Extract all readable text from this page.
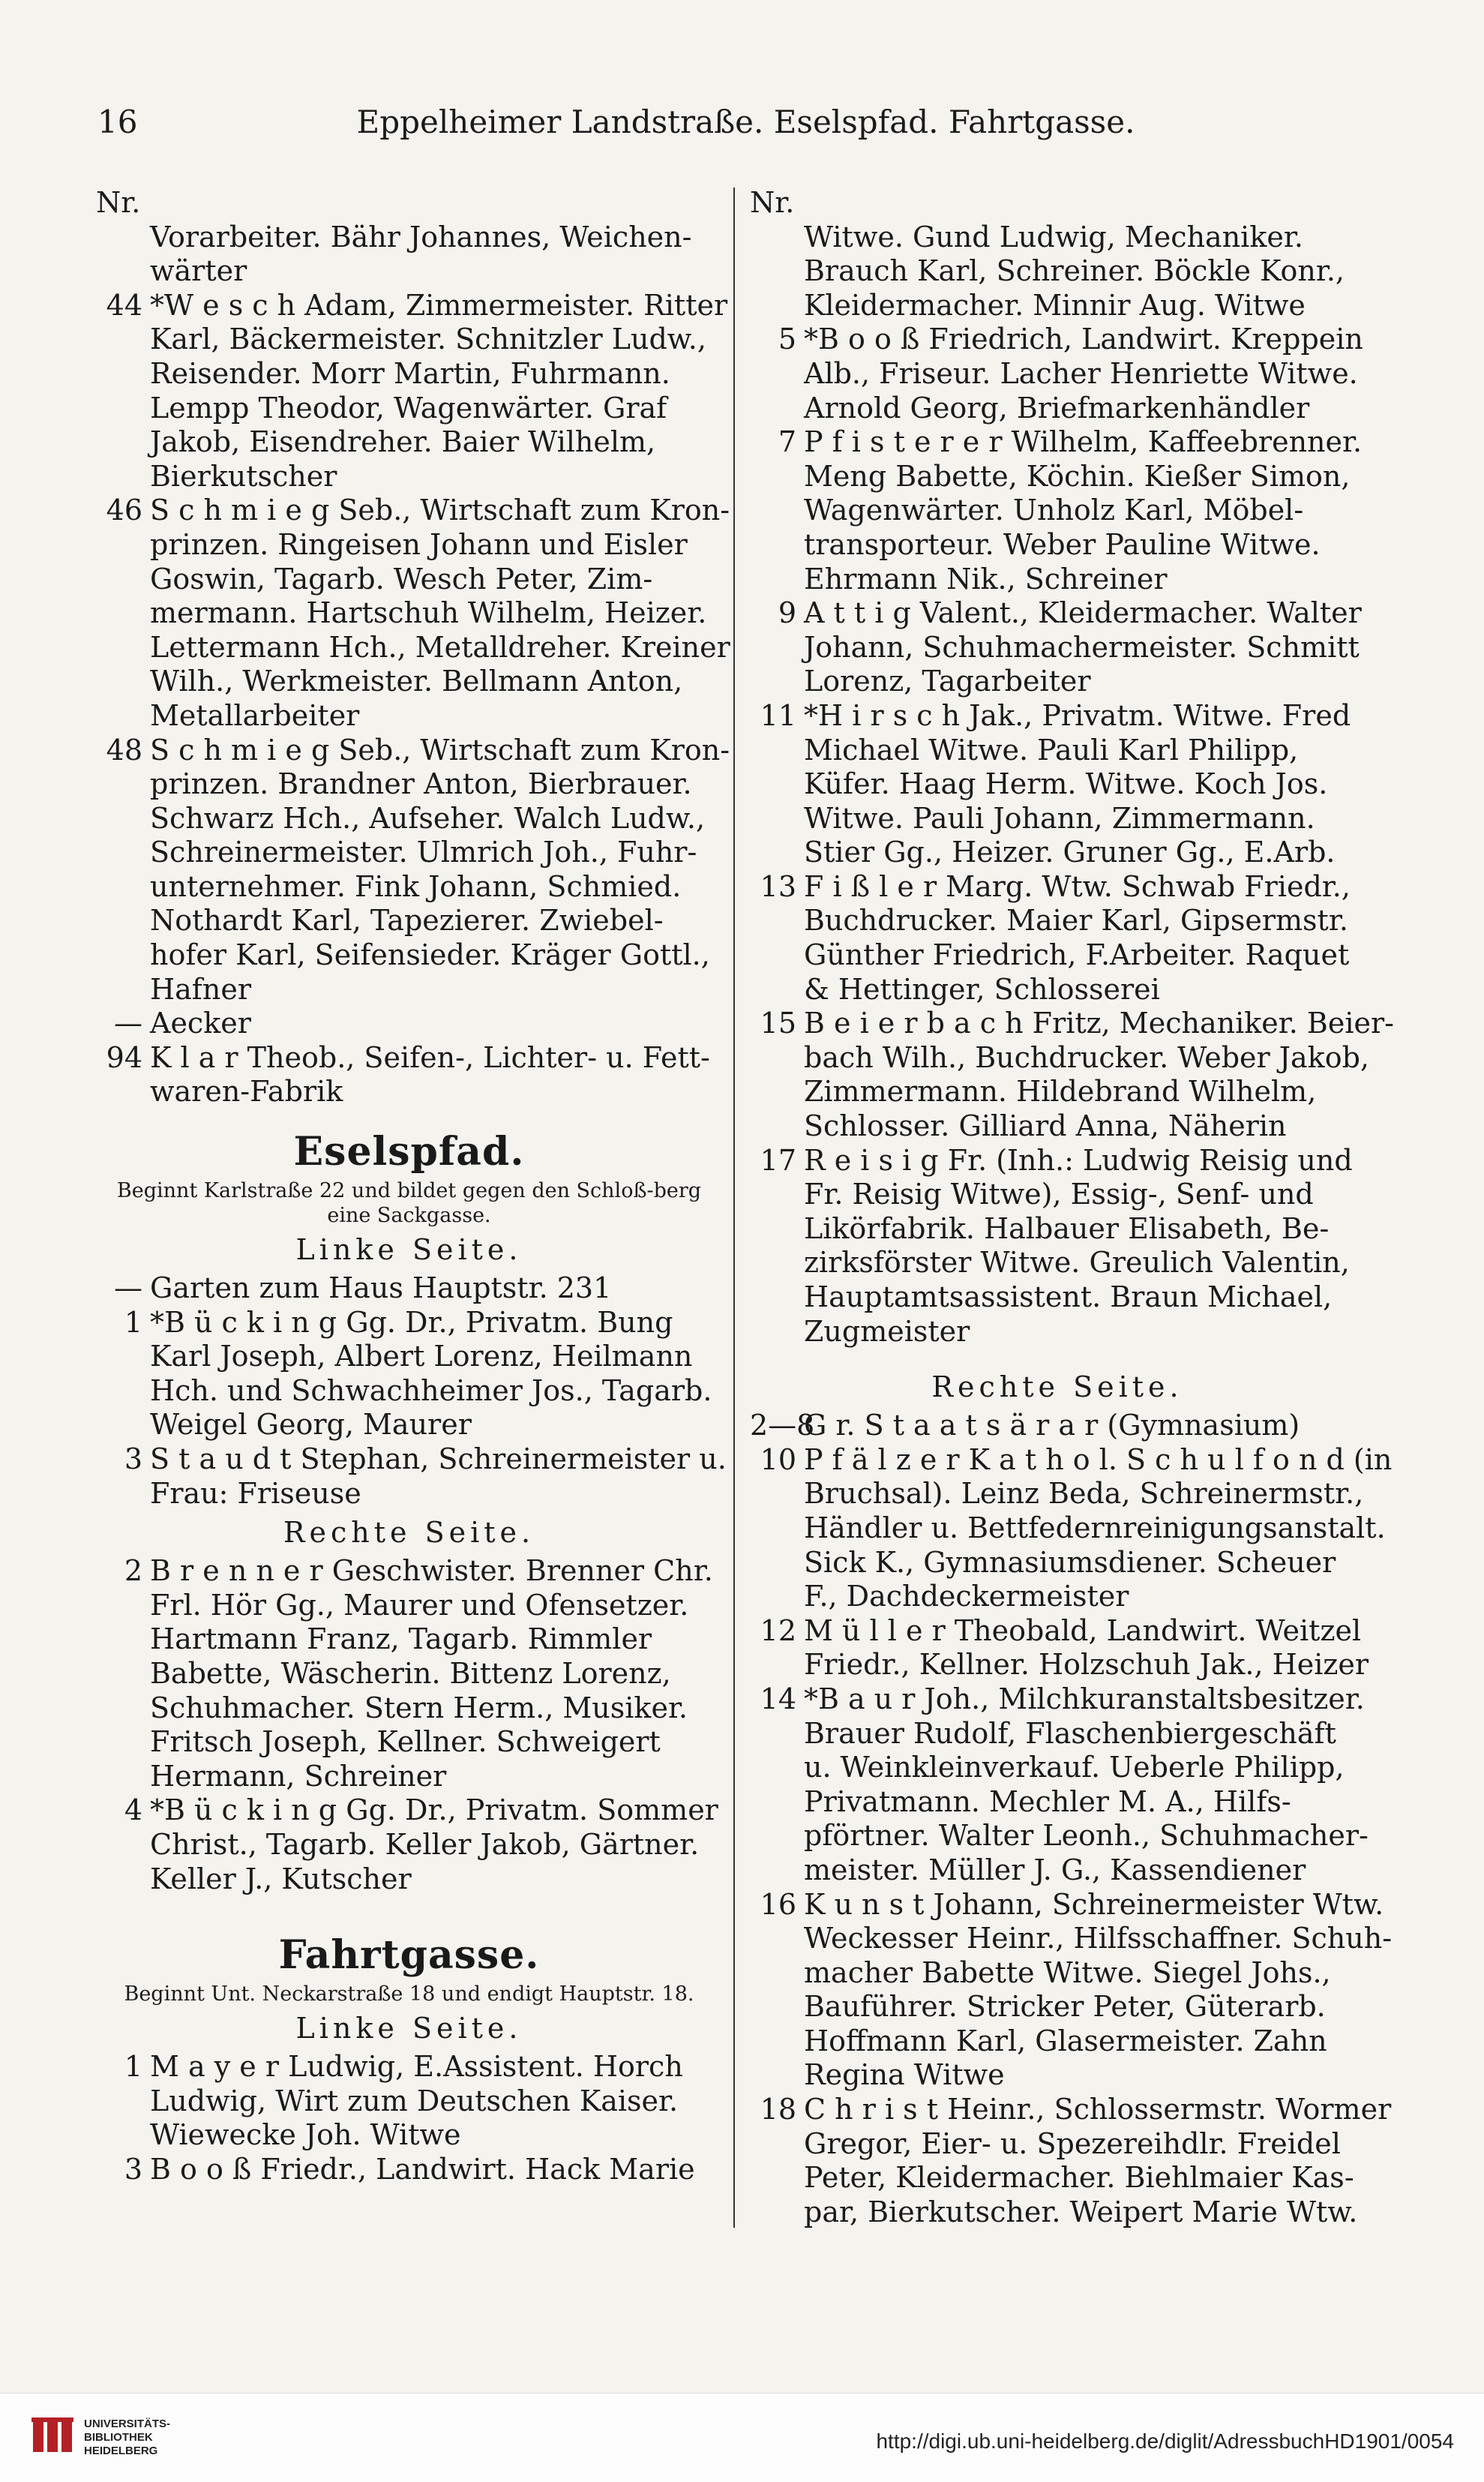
16	Eppelheimer Landstraße. Eselspfad. Fahrtgasse.
Nr.
Vorarbeiter. Bähr Johannes, Weichen-
wärter
44 *W e s c h Adam, Zimmermeister. Ritter
Karl, Bäckermeister. Schnitzler Ludw.,
Reisender. Morr Martin, Fuhrmann.
Lempp Theodor, Wagenwärter. Graf
Jakob, Eisendreher. Baier Wilhelm,
Bierkutscher
46 S c h m i e g Seb., Wirtschaft zum Kron-
prinzen. Ringeisen Johann und Eisler
Goswin, Tagarb. Wesch Peter, Zim-
mermann. Hartschuh Wilhelm, Heizer.
Lettermann Hch., Metalldreher. Kreiner
Wilh., Werkmeister. Bellmann Anton,
Metallarbeiter
48 S c h m i e g Seb., Wirtschaft zum Kron-
prinzen. Brandner Anton, Bierbrauer.
Schwarz Hch., Aufseher. Walch Ludw.,
Schreinermeister. Ulmrich Joh., Fuhr-
unternehmer. Fink Johann, Schmied.
Nothardt Karl, Tapezierer. Zwiebel-
hofer Karl, Seifensieder. Kräger Gottl.,
Hafner
— Aecker
94 K l a r Theob., Seifen-, Lichter- u. Fett-
waren-Fabrik
Eselspfad.
Beginnt Karlstraße 22 und bildet gegen den Schloß-berg eine Sackgasse.
Linke Seite.
— Garten zum Haus Hauptstr. 231
1 *B ü c k i n g Gg. Dr., Privatm. Bung
Karl Joseph, Albert Lorenz, Heilmann
Hch. und Schwachheimer Jos., Tagarb.
Weigel Georg, Maurer
3 S t a u d t Stephan, Schreinermeister u.
Frau: Friseuse
Rechte Seite.
2 B r e n n e r Geschwister. Brenner Chr.
Frl. Hör Gg., Maurer und Ofensetzer.
Hartmann Franz, Tagarb. Rimmler
Babette, Wäscherin. Bittenz Lorenz,
Schuhmacher. Stern Herm., Musiker.
Fritsch Joseph, Kellner. Schweigert
Hermann, Schreiner
4 *B ü c k i n g Gg. Dr., Privatm. Sommer
Christ., Tagarb. Keller Jakob, Gärtner.
Keller J., Kutscher
Fahrtgasse.
Beginnt Unt. Neckarstraße 18 und endigt Hauptstr. 18.
Linke Seite.
1 M a y e r Ludwig, E.Assistent. Horch
Ludwig, Wirt zum Deutschen Kaiser.
Wiewecke Joh. Witwe
3 B o o ß Friedr., Landwirt. Hack Marie
Nr.
Witwe. Gund Ludwig, Mechaniker.
Brauch Karl, Schreiner. Böckle Konr.,
Kleidermacher. Minnir Aug. Witwe
5 *B o o ß Friedrich, Landwirt. Kreppein
Alb., Friseur. Lacher Henriette Witwe.
Arnold Georg, Briefmarkenhändler
7 P f i s t e r e r Wilhelm, Kaffeebrenner.
Meng Babette, Köchin. Kießer Simon,
Wagenwärter. Unholz Karl, Möbel-
transporteur. Weber Pauline Witwe.
Ehrmann Nik., Schreiner
9 A t t i g Valent., Kleidermacher. Walter
Johann, Schuhmachermeister. Schmitt
Lorenz, Tagarbeiter
11 *H i r s c h Jak., Privatm. Witwe. Fred
Michael Witwe. Pauli Karl Philipp,
Küfer. Haag Herm. Witwe. Koch Jos.
Witwe. Pauli Johann, Zimmermann.
Stier Gg., Heizer. Gruner Gg., E.Arb.
13 F i ß l e r Marg. Wtw. Schwab Friedr.,
Buchdrucker. Maier Karl, Gipsermstr.
Günther Friedrich, F.Arbeiter. Raquet
& Hettinger, Schlosserei
15 B e i e r b a c h Fritz, Mechaniker. Beier-
bach Wilh., Buchdrucker. Weber Jakob,
Zimmermann. Hildebrand Wilhelm,
Schlosser. Gilliard Anna, Näherin
17 R e i s i g Fr. (Inh.: Ludwig Reisig und
Fr. Reisig Witwe), Essig-, Senf- und
Likörfabrik. Halbauer Elisabeth, Be-
zirksförster Witwe. Greulich Valentin,
Hauptamtsassistent. Braun Michael,
Zugmeister
Rechte Seite.
2—8G r. S t a a t s ä r a r (Gymnasium)
10 P f ä l z e r K a t h o l. S c h u l f o n d (in
Bruchsal). Leinz Beda, Schreinermstr.,
Händler u. Bettfedernreinigungsanstalt.
Sick K., Gymnasiumsdiener. Scheuer
F., Dachdeckermeister
12 M ü l l e r Theobald, Landwirt. Weitzel
Friedr., Kellner. Holzschuh Jak., Heizer
14 *B a u r Joh., Milchkuranstaltsbesitzer.
Brauer Rudolf, Flaschenbiergeschäft
u. Weinkleinverkauf. Ueberle Philipp,
Privatmann. Mechler M. A., Hilfs-
pförtner. Walter Leonh., Schuhmacher-
meister. Müller J. G., Kassendiener
16 K u n s t Johann, Schreinermeister Wtw.
Weckesser Heinr., Hilfsschaffner. Schuh-
macher Babette Witwe. Siegel Johs.,
Bauführer. Stricker Peter, Güterarb.
Hoffmann Karl, Glasermeister. Zahn
Regina Witwe
18 C h r i s t Heinr., Schlossermstr. Wormer
Gregor, Eier- u. Spezereihdlr. Freidel
Peter, Kleidermacher. Biehlmaier Kas-
par, Bierkutscher. Weipert Marie Wtw.
UNIVERSITÄTS-
BIBLIOTHEK
HEIDELBERG	http://digi.ub.uni-heidelberg.de/diglit/AdressbuchHD1901/0054
